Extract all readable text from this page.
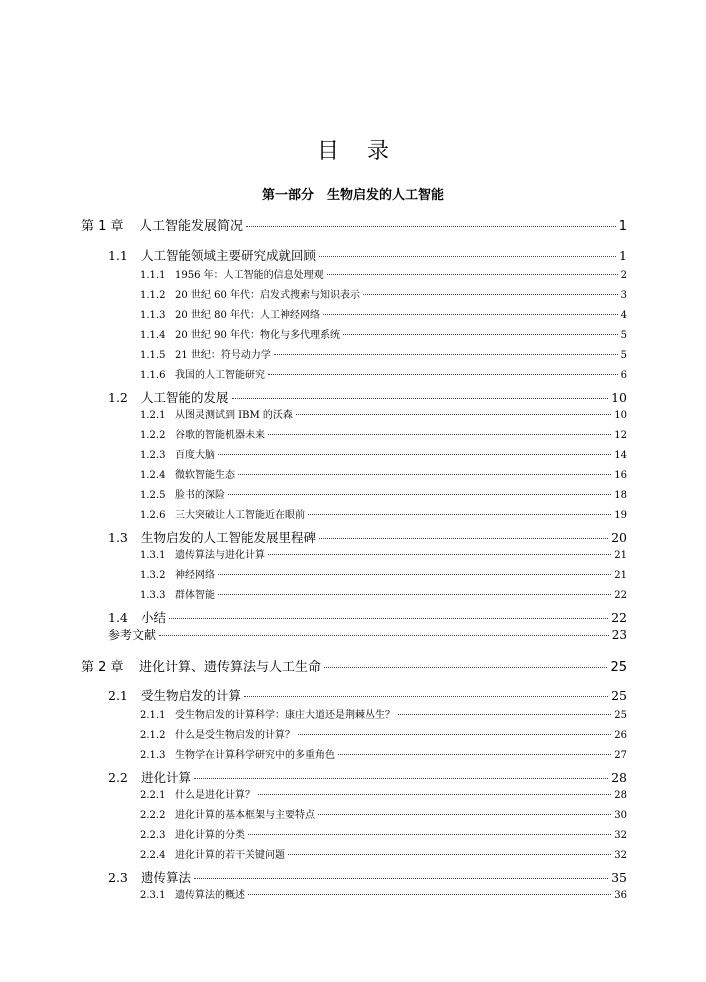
目录
第一部分　生物启发的人工智能
第 1 章	人工智能发展简况	1
1.1	人工智能领域主要研究成就回顾	1
1.1.1 1956 年：人工智能的信息处理观	2
1.1.2 20 世纪 60 年代：启发式搜索与知识表示	3
1.1.3 20 世纪 80 年代：人工神经网络	4
1.1.4 20 世纪 90 年代：物化与多代理系统	5
1.1.5 21 世纪：符号动力学	5
1.1.6 我国的人工智能研究	6
1.2	人工智能的发展	10
1.2.1 从图灵测试到 IBM 的沃森	10
1.2.2 谷歌的智能机器未来	12
1.2.3 百度大脑	14
1.2.4 微软智能生态	16
1.2.5 脸书的深险	18
1.2.6 三大突破让人工智能近在眼前	19
1.3	生物启发的人工智能发展里程碑	20
1.3.1 遗传算法与进化计算	21
1.3.2 神经网络	21
1.3.3 群体智能	22
1.4	小结	22
参考文献	23
第 2 章	进化计算、遗传算法与人工生命	25
2.1	受生物启发的计算	25
2.1.1 受生物启发的计算科学：康庄大道还是荆棘丛生？	25
2.1.2 什么是受生物启发的计算？	26
2.1.3 生物学在计算科学研究中的多重角色	27
2.2	进化计算	28
2.2.1 什么是进化计算？	28
2.2.2 进化计算的基本框架与主要特点	30
2.2.3 进化计算的分类	32
2.2.4 进化计算的若干关键问题	32
2.3	遗传算法	35
2.3.1 遗传算法的概述	36
